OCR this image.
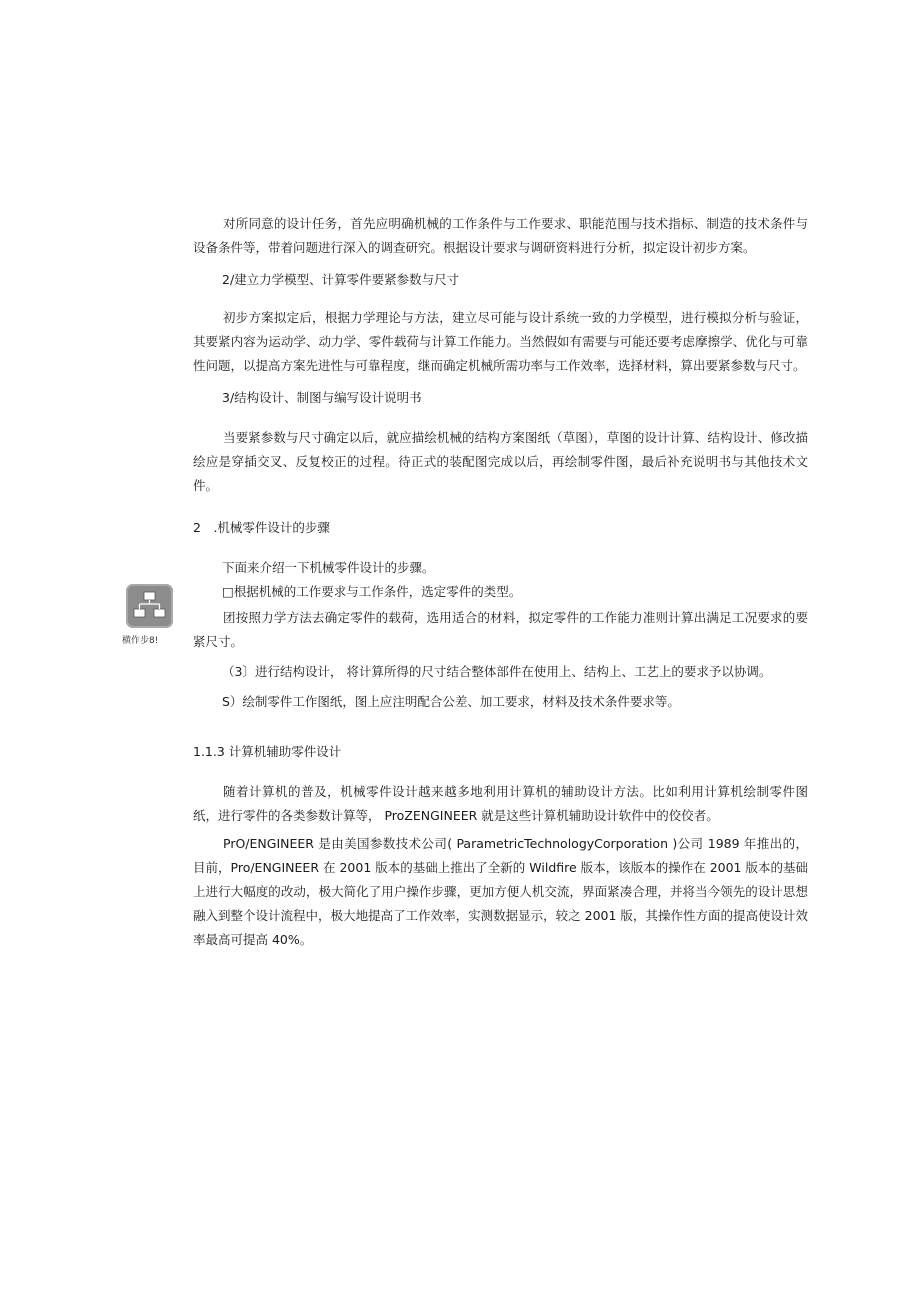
对所同意的设计任务，首先应明确机械的工作条件与工作要求、职能范围与技术指标、制造的技术条件与设备条件等，带着问题进行深入的调查研究。根据设计要求与调研资料进行分析，拟定设计初步方案。

2/建立力学模型、计算零件要紧参数与尺寸

初步方案拟定后，根据力学理论与方法，建立尽可能与设计系统一致的力学模型，进行模拟分析与验证，其要紧内容为运动学、动力学、零件载荷与计算工作能力。当然假如有需要与可能还要考虑摩擦学、优化与可靠性问题，以提高方案先进性与可靠程度，继而确定机械所需功率与工作效率，选择材料，算出要紧参数与尺寸。

3/结构设计、制图与编写设计说明书

当要紧参数与尺寸确定以后，就应描绘机械的结构方案图纸（草图），草图的设计计算、结构设计、修改描绘应是穿插交叉、反复校正的过程。待正式的装配图完成以后，再绘制零件图，最后补充说明书与其他技术文件。

2　.机械零件设计的步骤

下面来介绍一下机械零件设计的步骤。

横作步8!

□根据机械的工作要求与工作条件，选定零件的类型。

团按照力学方法去确定零件的载荷，选用适合的材料，拟定零件的工作能力准则计算出满足工况要求的要紧尺寸。

（3〕进行结构设计， 将计算所得的尺寸结合整体部件在使用上、结构上、工艺上的要求予以协调。

S）绘制零件工作图纸，图上应注明配合公差、加工要求，材料及技术条件要求等。

1.1.3 计算机辅助零件设计

随着计算机的普及，机械零件设计越来越多地利用计算机的辅助设计方法。比如利用计算机绘制零件图纸，进行零件的各类参数计算等， ProZENGINEER 就是这些计算机辅助设计软件中的佼佼者。

PrO/ENGINEER 是由美国参数技术公司( ParametricTechnologyCorporation )公司 1989 年推出的，目前，Pro/ENGINEER 在 2001 版本的基础上推出了全新的 Wildfire 版本，该版本的操作在 2001 版本的基础上进行大幅度的改动，极大简化了用户操作步骤，更加方便人机交流，界面紧凑合理，并将当今领先的设计思想融入到整个设计流程中，极大地提高了工作效率，实测数据显示，较之 2001 版，其操作性方面的提高使设计效率最高可提高 40%。
